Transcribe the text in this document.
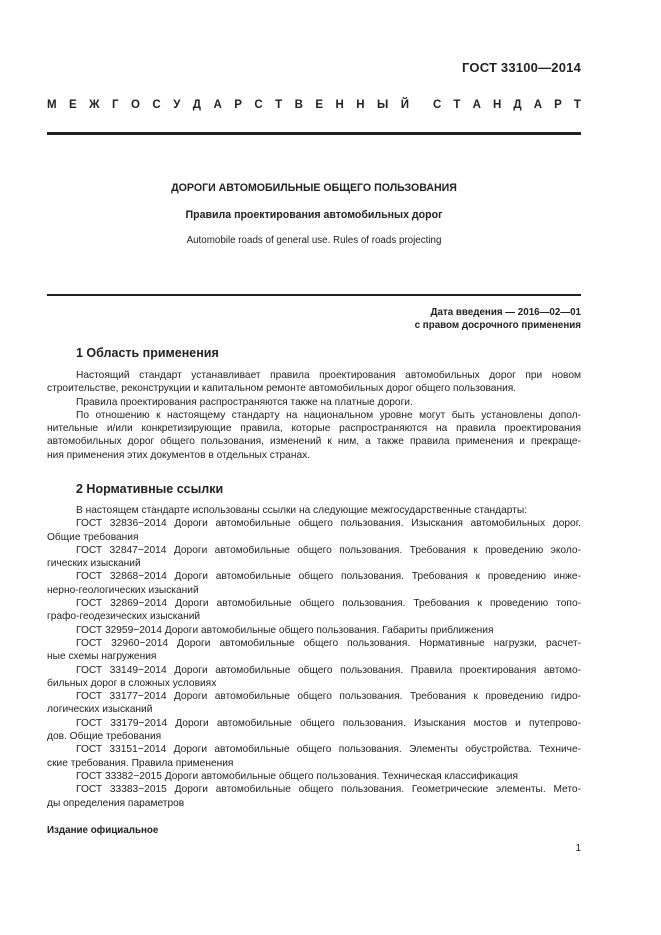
ГОСТ 33100—2014
М Е Ж Г О С У Д А Р С Т В Е Н Н Ы Й С Т А Н Д А Р Т
ДОРОГИ АВТОМОБИЛЬНЫЕ ОБЩЕГО ПОЛЬЗОВАНИЯ
Правила проектирования автомобильных дорог
Automobile roads of general use. Rules of roads projecting
Дата введения — 2016—02—01
с правом досрочного применения
1 Область применения
Настоящий стандарт устанавливает правила проектирования автомобильных дорог при новом
строительстве, реконструкции и капитальном ремонте автомобильных дорог общего пользования.
Правила проектирования распространяются также на платные дороги.
По отношению к настоящему стандарту на национальном уровне могут быть установлены допол-
нительные и/или конкретизирующие правила, которые распространяются на правила проектирования
автомобильных дорог общего пользования, изменений к ним, а также правила применения и прекраще-
ния применения этих документов в отдельных странах.
2 Нормативные ссылки
В настоящем стандарте использованы ссылки на следующие межгосударственные стандарты:
ГОСТ 32836−2014 Дороги автомобильные общего пользования. Изыскания автомобильных дорог.
Общие требования
ГОСТ 32847−2014 Дороги автомобильные общего пользования. Требования к проведению эколо-
гических изысканий
ГОСТ 32868−2014 Дороги автомобильные общего пользования. Требования к проведению инже-
нерно-геологических изысканий
ГОСТ 32869−2014 Дороги автомобильные общего пользования. Требования к проведению топо-
графо-геодезических изысканий
ГОСТ 32959−2014 Дороги автомобильные общего пользования. Габариты приближения
ГОСТ 32960−2014 Дороги автомобильные общего пользования. Нормативные нагрузки, расчет-
ные схемы нагружения
ГОСТ 33149−2014 Дороги автомобильные общего пользования. Правила проектирования автомо-
бильных дорог в сложных условиях
ГОСТ 33177−2014 Дороги автомобильные общего пользования. Требования к проведению гидро-
логических изысканий
ГОСТ 33179−2014 Дороги автомобильные общего пользования. Изыскания мостов и путепрово-
дов. Общие требования
ГОСТ 33151−2014 Дороги автомобильные общего пользования. Элементы обустройства. Техниче-
ские требования. Правила применения
ГОСТ 33382−2015 Дороги автомобильные общего пользования. Техническая классификация
ГОСТ 33383−2015 Дороги автомобильные общего пользования. Геометрические элементы. Мето-
ды определения параметров
Издание официальное
1
